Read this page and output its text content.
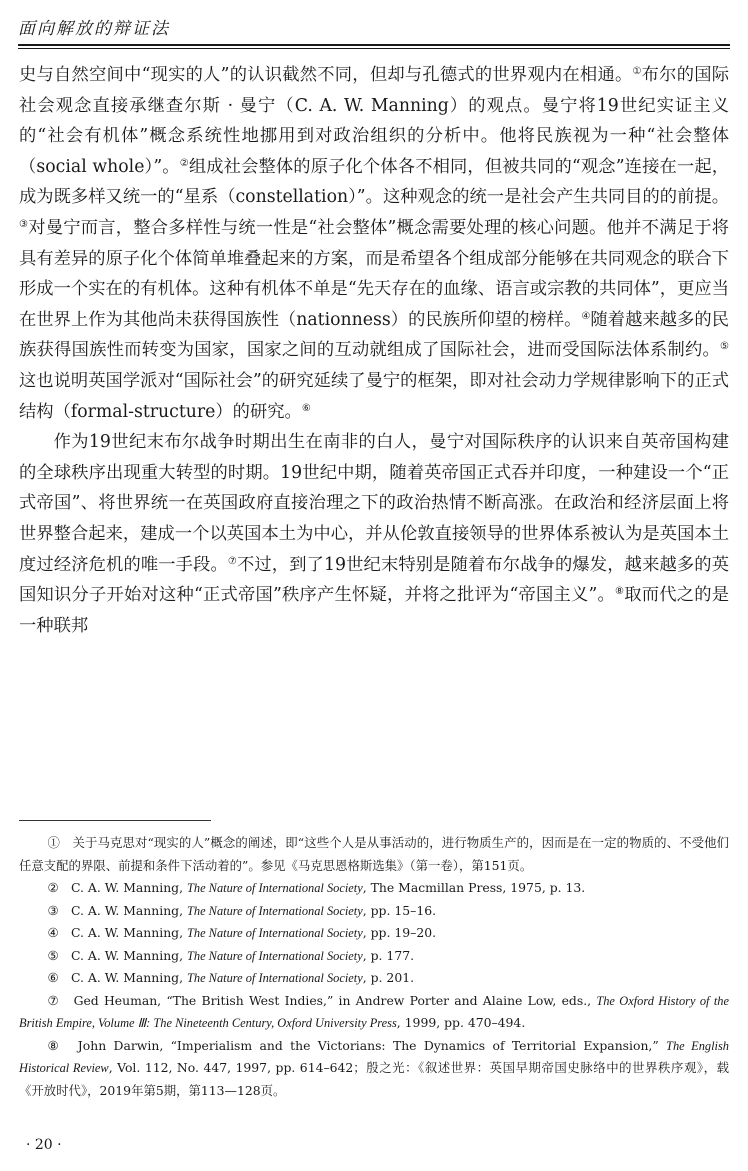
面向解放的辩证法

史与自然空间中“现实的人”的认识截然不同，但却与孔德式的世界观内在相通。①布尔的国际社会观念直接承继查尔斯 · 曼宁（C. A. W. Manning）的观点。曼宁将19世纪实证主义的“社会有机体”概念系统性地挪用到对政治组织的分析中。他将民族视为一种“社会整体（social whole）”。②组成社会整体的原子化个体各不相同，但被共同的“观念”连接在一起，成为既多样又统一的“星系（constellation）”。这种观念的统一是社会产生共同目的的前提。③对曼宁而言，整合多样性与统一性是“社会整体”概念需要处理的核心问题。他并不满足于将具有差异的原子化个体简单堆叠起来的方案，而是希望各个组成部分能够在共同观念的联合下形成一个实在的有机体。这种有机体不单是“先天存在的血缘、语言或宗教的共同体”，更应当在世界上作为其他尚未获得国族性（nationness）的民族所仰望的榜样。④随着越来越多的民族获得国族性而转变为国家，国家之间的互动就组成了国际社会，进而受国际法体系制约。⑤这也说明英国学派对“国际社会”的研究延续了曼宁的框架，即对社会动力学规律影响下的正式结构（formal-structure）的研究。⑥

作为19世纪末布尔战争时期出生在南非的白人，曼宁对国际秩序的认识来自英帝国构建的全球秩序出现重大转型的时期。19世纪中期，随着英帝国正式吞并印度，一种建设一个“正式帝国”、将世界统一在英国政府直接治理之下的政治热情不断高涨。在政治和经济层面上将世界整合起来，建成一个以英国本土为中心，并从伦敦直接领导的世界体系被认为是英国本土度过经济危机的唯一手段。⑦不过，到了19世纪末特别是随着布尔战争的爆发，越来越多的英国知识分子开始对这种“正式帝国”秩序产生怀疑，并将之批评为“帝国主义”。⑧取而代之的是一种联邦

①　关于马克思对“现实的人”概念的阐述，即“这些个人是从事活动的，进行物质生产的，因而是在一定的物质的、不受他们任意支配的界限、前提和条件下活动着的”。参见《马克思恩格斯选集》（第一卷），第151页。

②　C. A. W. Manning, The Nature of International Society, The Macmillan Press, 1975, p. 13.

③　C. A. W. Manning, The Nature of International Society, pp. 15–16.

④　C. A. W. Manning, The Nature of International Society, pp. 19–20.

⑤　C. A. W. Manning, The Nature of International Society, p. 177.

⑥　C. A. W. Manning, The Nature of International Society, p. 201.

⑦　Ged Heuman, “The British West Indies,” in Andrew Porter and Alaine Low, eds., The Oxford History of the British Empire, Volume Ⅲ: The Nineteenth Century, Oxford University Press, 1999, pp. 470–494.

⑧　John Darwin, “Imperialism and the Victorians: The Dynamics of Territorial Expansion,” The English Historical Review, Vol. 112, No. 447, 1997, pp. 614–642；殷之光：《叙述世界：英国早期帝国史脉络中的世界秩序观》，载《开放时代》，2019年第5期，第113—128页。

· 20 ·
